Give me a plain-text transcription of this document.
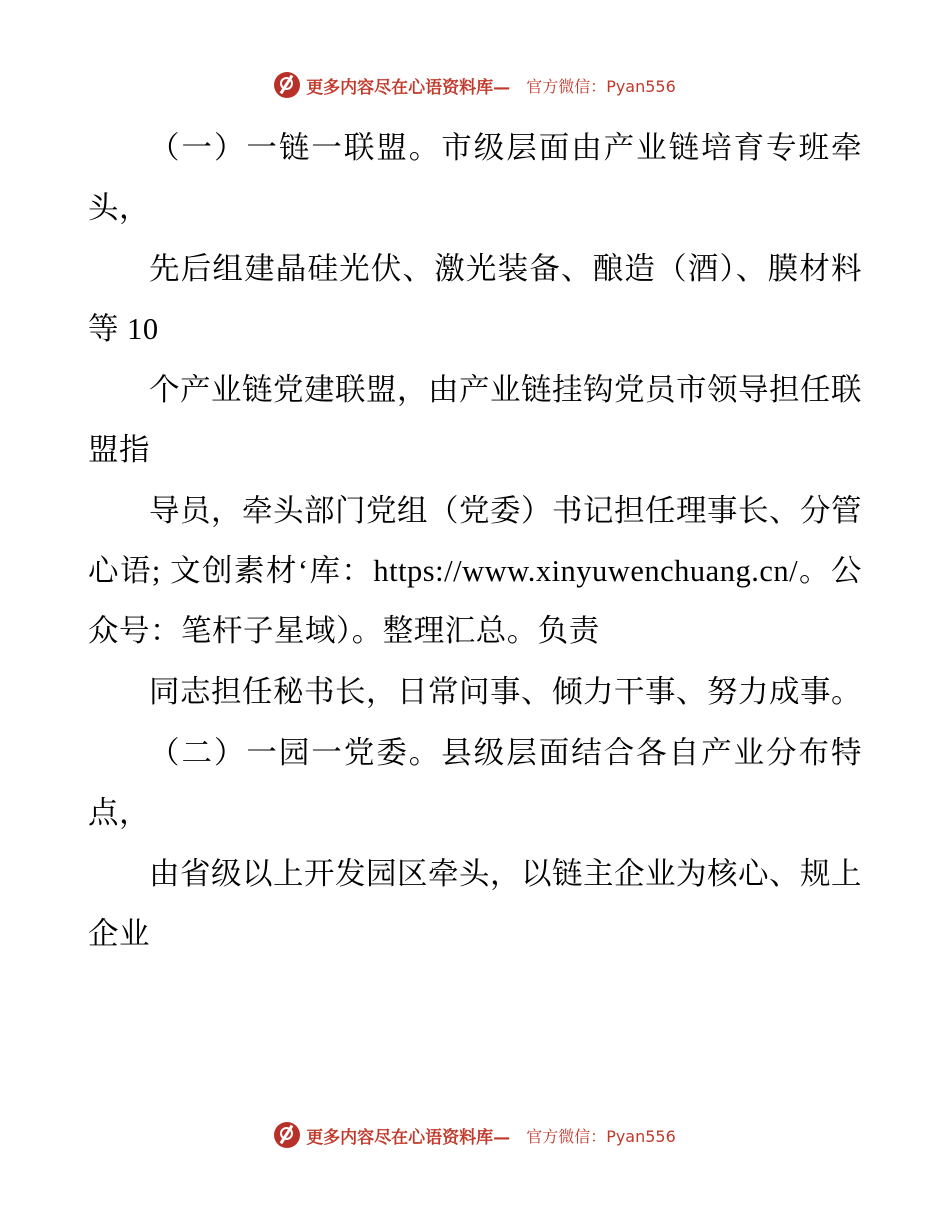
更多内容尽在心语资料库— 官方微信：Pyan556

（一）一链一联盟。市级层面由产业链培育专班牵头，

先后组建晶硅光伏、激光装备、酿造（酒）、膜材料等 10

个产业链党建联盟，由产业链挂钩党员市领导担任联盟指

导员，牵头部门党组（党委）书记担任理事长、分管心语; 文创素材‘库：https://www.xinyuwenchuang.cn/。公众号：笔杆子星域）。整理汇总。负责

同志担任秘书长，日常问事、倾力干事、努力成事。

（二）一园一党委。县级层面结合各自产业分布特点，

由省级以上开发园区牵头，以链主企业为核心、规上企业

更多内容尽在心语资料库— 官方微信：Pyan556
